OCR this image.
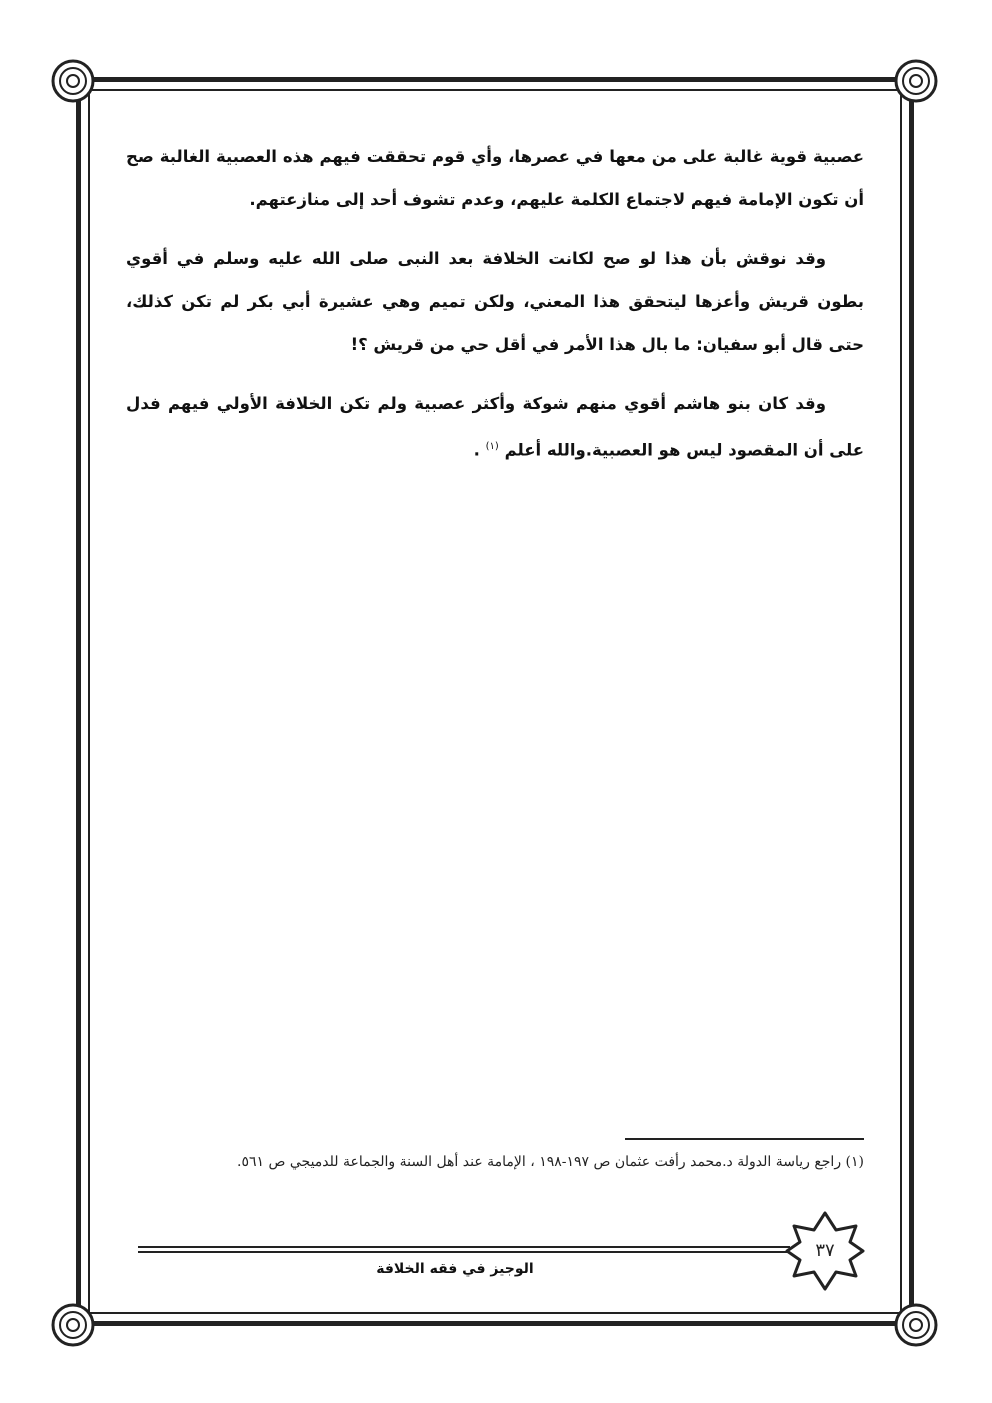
عصبية قوية غالبة على من معها في عصرها، وأي قوم تحققت فيهم هذه العصبية الغالبة صح أن تكون الإمامة فيهم لاجتماع الكلمة عليهم، وعدم تشوف أحد إلى منازعتهم.

وقد نوقش بأن هذا لو صح لكانت الخلافة بعد النبى صلى الله عليه وسلم في أقوي بطون قريش وأعزها ليتحقق هذا المعني، ولكن تميم وهي عشيرة أبي بكر لم تكن كذلك، حتى قال أبو سفيان: ما بال هذا الأمر في أقل حي من قريش ؟!

وقد كان بنو هاشم أقوي منهم شوكة وأكثر عصبية ولم تكن الخلافة الأولي فيهم فدل على أن المقصود ليس هو العصبية.والله أعلم $^{(١)}$ .

(١) راجع رياسة الدولة د.محمد رأفت عثمان ص ١٩٧-١٩٨ ، الإمامة عند أهل السنة والجماعة للدميجي ص ٥٦١.
الوجيز في فقه الخلافة
٣٧
